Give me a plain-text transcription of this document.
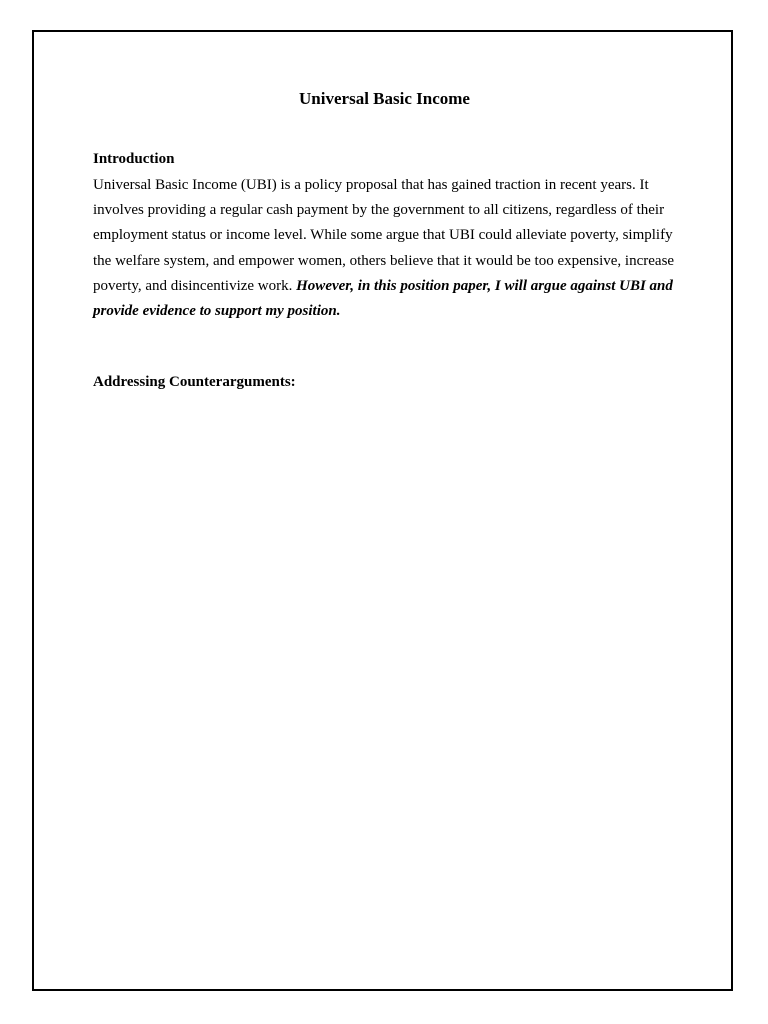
Universal Basic Income
Introduction

Universal Basic Income (UBI) is a policy proposal that has gained traction in recent years. It involves providing a regular cash payment by the government to all citizens, regardless of their employment status or income level. While some argue that UBI could alleviate poverty, simplify the welfare system, and empower women, others believe that it would be too expensive, increase poverty, and disincentivize work. However, in this position paper, I will argue against UBI and provide evidence to support my position.

Addressing Counterarguments:
